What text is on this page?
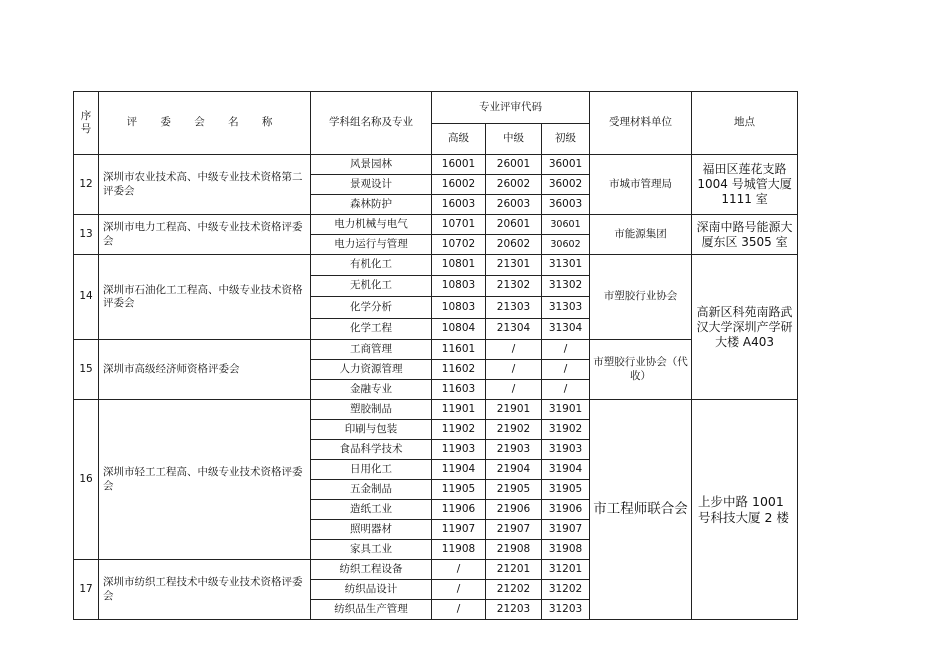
序
号	评 委 会 名 称	学科组名称及专业	专业评审代码			受理材料单位	地点
			高级	中级	初级		
12	深圳市农业技术高、中级专业技术资格第二评委会	风景园林	16001	26001	36001	市城市管理局	福田区莲花支路 1004 号城管大厦 1111 室
		景观设计	16002	26002	36002		
		森林防护	16003	26003	36003		
13	深圳市电力工程高、中级专业技术资格评委会	电力机械与电气	10701	20601	30601	市能源集团	深南中路号能源大厦东区 3505 室
		电力运行与管理	10702	20602	30602		
14	深圳市石油化工工程高、中级专业技术资格评委会	有机化工	10801	21301	31301	市塑胶行业协会	高新区科苑南路武汉大学深圳产学研大楼 A403
		无机化工	10803	21302	31302		
		化学分析	10803	21303	31303		
		化学工程	10804	21304	31304		
15	深圳市高级经济师资格评委会	工商管理	11601	/	/	市塑胶行业协会（代收）	
		人力资源管理	11602	/	/		
		金融专业	11603	/	/		
16	深圳市轻工工程高、中级专业技术资格评委会	塑胶制品	11901	21901	31901	市工程师联合会	上步中路 1001 号科技大厦 2 楼
		印刷与包装	11902	21902	31902		
		食品科学技术	11903	21903	31903		
		日用化工	11904	21904	31904		
		五金制品	11905	21905	31905		
		造纸工业	11906	21906	31906		
		照明器材	11907	21907	31907		
		家具工业	11908	21908	31908		
17	深圳市纺织工程技术中级专业技术资格评委会	纺织工程设备	/	21201	31201		
		纺织品设计	/	21202	31202		
		纺织品生产管理	/	21203	31203		
